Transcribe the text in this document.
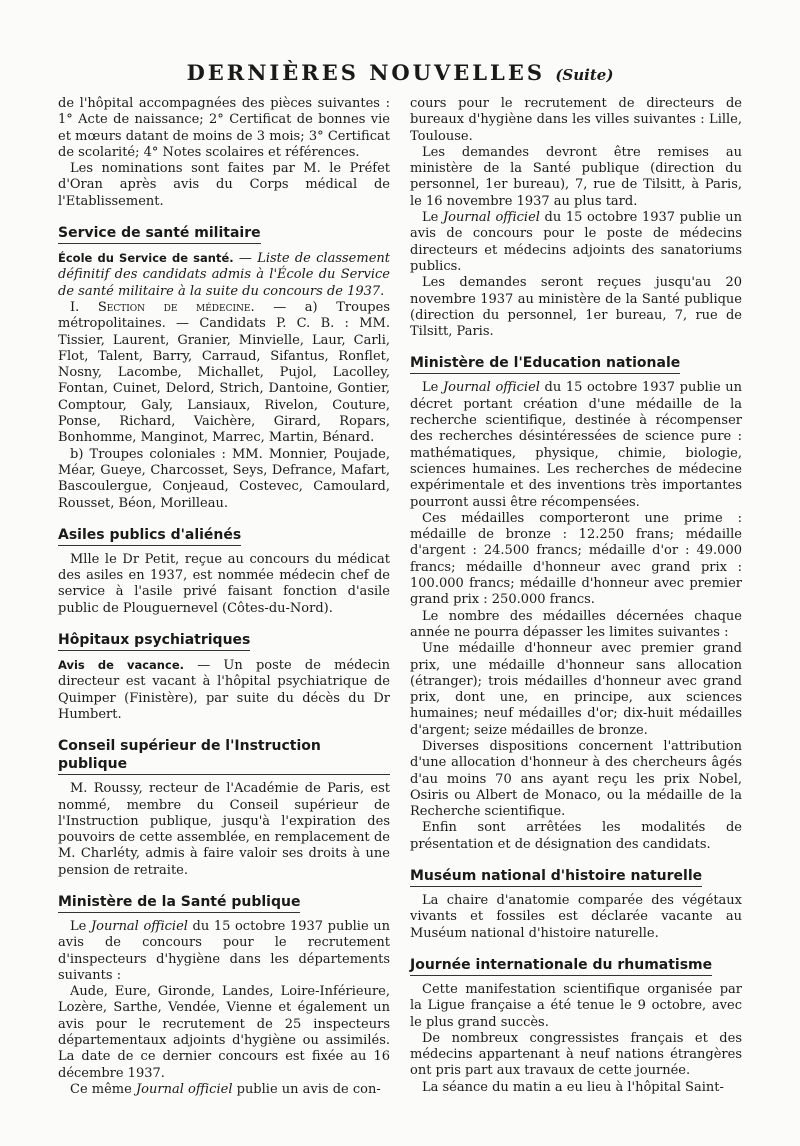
DERNIÈRES NOUVELLES (Suite)

de l'hôpital accompagnées des pièces suivantes : 1° Acte de naissance; 2° Certificat de bonnes vie et mœurs datant de moins de 3 mois; 3° Certificat de scolarité; 4° Notes scolaires et références.

Les nominations sont faites par M. le Préfet d'Oran après avis du Corps médical de l'Etablissement.

Service de santé militaire

École du Service de santé. — Liste de classement définitif des candidats admis à l'École du Service de santé militaire à la suite du concours de 1937.

I. Section de médecine. — a) Troupes métropolitaines. — Candidats P. C. B. : MM. Tissier, Laurent, Granier, Minvielle, Laur, Carli, Flot, Talent, Barry, Carraud, Sifantus, Ronflet, Nosny, Lacombe, Michallet, Pujol, Lacolley, Fontan, Cuinet, Delord, Strich, Dantoine, Gontier, Comptour, Galy, Lansiaux, Rivelon, Couture, Ponse, Richard, Vaichère, Girard, Ropars, Bonhomme, Manginot, Marrec, Martin, Bénard.

b) Troupes coloniales : MM. Monnier, Poujade, Méar, Gueye, Charcosset, Seys, Defrance, Mafart, Bascoulergue, Conjeaud, Costevec, Camoulard, Rousset, Béon, Morilleau.

Asiles publics d'aliénés

Mlle le Dr Petit, reçue au concours du médicat des asiles en 1937, est nommée médecin chef de service à l'asile privé faisant fonction d'asile public de Plouguernevel (Côtes-du-Nord).

Hôpitaux psychiatriques

Avis de vacance. — Un poste de médecin directeur est vacant à l'hôpital psychiatrique de Quimper (Finistère), par suite du décès du Dr Humbert.

Conseil supérieur de l'Instruction publique

M. Roussy, recteur de l'Académie de Paris, est nommé, membre du Conseil supérieur de l'Instruction publique, jusqu'à l'expiration des pouvoirs de cette assemblée, en remplacement de M. Charléty, admis à faire valoir ses droits à une pension de retraite.

Ministère de la Santé publique

Le Journal officiel du 15 octobre 1937 publie un avis de concours pour le recrutement d'inspecteurs d'hygiène dans les départements suivants :

Aude, Eure, Gironde, Landes, Loire-Inférieure, Lozère, Sarthe, Vendée, Vienne et également un avis pour le recrutement de 25 inspecteurs départementaux adjoints d'hygiène ou assimilés. La date de ce dernier concours est fixée au 16 décembre 1937.

Ce même Journal officiel publie un avis de con-

cours pour le recrutement de directeurs de bureaux d'hygiène dans les villes suivantes : Lille, Toulouse.

Les demandes devront être remises au ministère de la Santé publique (direction du personnel, 1er bureau), 7, rue de Tilsitt, à Paris, le 16 novembre 1937 au plus tard.

Le Journal officiel du 15 octobre 1937 publie un avis de concours pour le poste de médecins directeurs et médecins adjoints des sanatoriums publics.

Les demandes seront reçues jusqu'au 20 novembre 1937 au ministère de la Santé publique (direction du personnel, 1er bureau, 7, rue de Tilsitt, Paris.

Ministère de l'Education nationale

Le Journal officiel du 15 octobre 1937 publie un décret portant création d'une médaille de la recherche scientifique, destinée à récompenser des recherches désintéressées de science pure : mathématiques, physique, chimie, biologie, sciences humaines. Les recherches de médecine expérimentale et des inventions très importantes pourront aussi être récompensées.

Ces médailles comporteront une prime : médaille de bronze : 12.250 frans; médaille d'argent : 24.500 francs; médaille d'or : 49.000 francs; médaille d'honneur avec grand prix : 100.000 francs; médaille d'honneur avec premier grand prix : 250.000 francs.

Le nombre des médailles décernées chaque année ne pourra dépasser les limites suivantes :

Une médaille d'honneur avec premier grand prix, une médaille d'honneur sans allocation (étranger); trois médailles d'honneur avec grand prix, dont une, en principe, aux sciences humaines; neuf médailles d'or; dix-huit médailles d'argent; seize médailles de bronze.

Diverses dispositions concernent l'attribution d'une allocation d'honneur à des chercheurs âgés d'au moins 70 ans ayant reçu les prix Nobel, Osiris ou Albert de Monaco, ou la médaille de la Recherche scientifique.

Enfin sont arrêtées les modalités de présentation et de désignation des candidats.

Muséum national d'histoire naturelle

La chaire d'anatomie comparée des végétaux vivants et fossiles est déclarée vacante au Muséum national d'histoire naturelle.

Journée internationale du rhumatisme

Cette manifestation scientifique organisée par la Ligue française a été tenue le 9 octobre, avec le plus grand succès.

De nombreux congressistes français et des médecins appartenant à neuf nations étrangères ont pris part aux travaux de cette journée.

La séance du matin a eu lieu à l'hôpital Saint-
